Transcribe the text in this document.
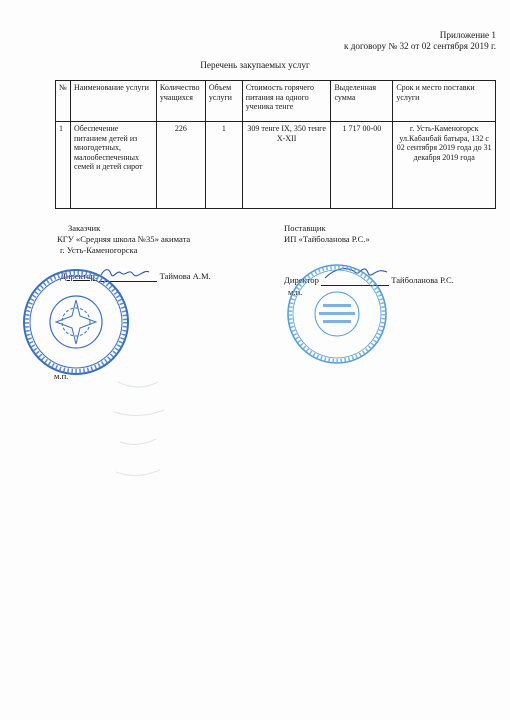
Приложение 1
к договору № 32 от 02 сентября 2019 г.
Перечень закупаемых услуг
№	Наименование услуги	Количество учащихся	Объем услуги	Стоимость горячего питания на одного ученика тенге	Выделенная сумма	Срок и место поставки услуги
1	Обеспечение питанием детей из многодетных, малообеспеченных семей и детей сирот	226	1	309 тенге IX, 350 тенге X-XII	1 717 00-00	г. Усть-Каменогорск ул.Кабанбай батыра, 132 с 02 сентября 2019 года до 31 декабря 2019 года
Заказчик
КГУ «Средняя школа №35» акимата
г. Усть-Каменогорска
Директор:	Таймова А.М.
Поставщик
ИП «Тайболанова Р.С.»
Директор	Тайболанова Р.С.
м.п.
м.п.
